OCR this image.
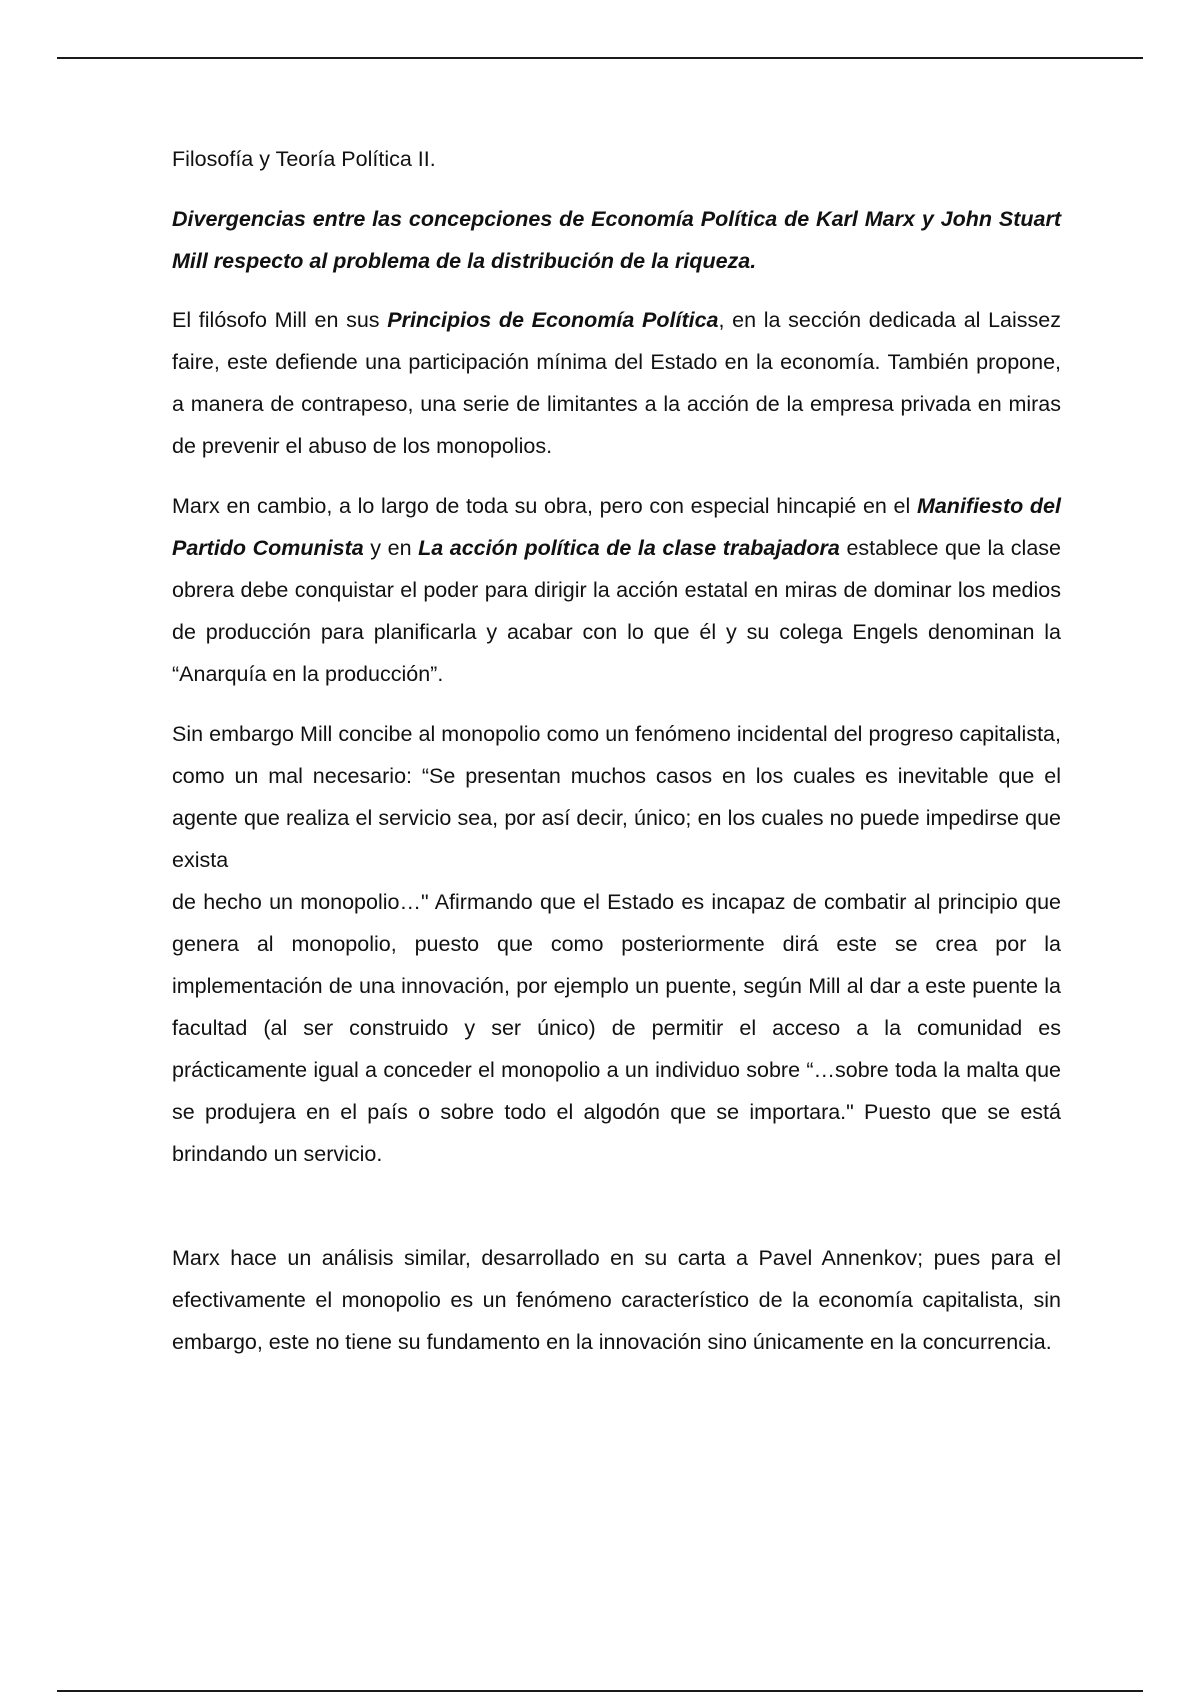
Filosofía y Teoría Política II.

Divergencias entre las concepciones de Economía Política de Karl Marx y John Stuart Mill respecto al problema de la distribución de la riqueza.

El filósofo Mill en sus Principios de Economía Política, en la sección dedicada al Laissez faire, este defiende una participación mínima del Estado en la economía. También propone, a manera de contrapeso, una serie de limitantes a la acción de la empresa privada en miras de prevenir el abuso de los monopolios.

Marx en cambio, a lo largo de toda su obra, pero con especial hincapié en el Manifiesto del Partido Comunista y en La acción política de la clase trabajadora establece que la clase obrera debe conquistar el poder para dirigir la acción estatal en miras de dominar los medios de producción para planificarla y acabar con lo que él y su colega Engels denominan la “Anarquía en la producción”.

Sin embargo Mill concibe al monopolio como un fenómeno incidental del progreso capitalista, como un mal necesario: “Se presentan muchos casos en los cuales es inevitable que el agente que realiza el servicio sea, por así decir, único; en los cuales no puede impedirse que exista
de hecho un monopolio…" Afirmando que el Estado es incapaz de combatir al principio que genera al monopolio, puesto que como posteriormente dirá este se crea por la implementación de una innovación, por ejemplo un puente, según Mill al dar a este puente la facultad (al ser construido y ser único) de permitir el acceso a la comunidad es prácticamente igual a conceder el monopolio a un individuo sobre “…sobre toda la malta que se produjera en el país o sobre todo el algodón que se importara." Puesto que se está brindando un servicio.

Marx hace un análisis similar, desarrollado en su carta a Pavel Annenkov; pues para el efectivamente el monopolio es un fenómeno característico de la economía capitalista, sin embargo, este no tiene su fundamento en la innovación sino únicamente en la concurrencia.
